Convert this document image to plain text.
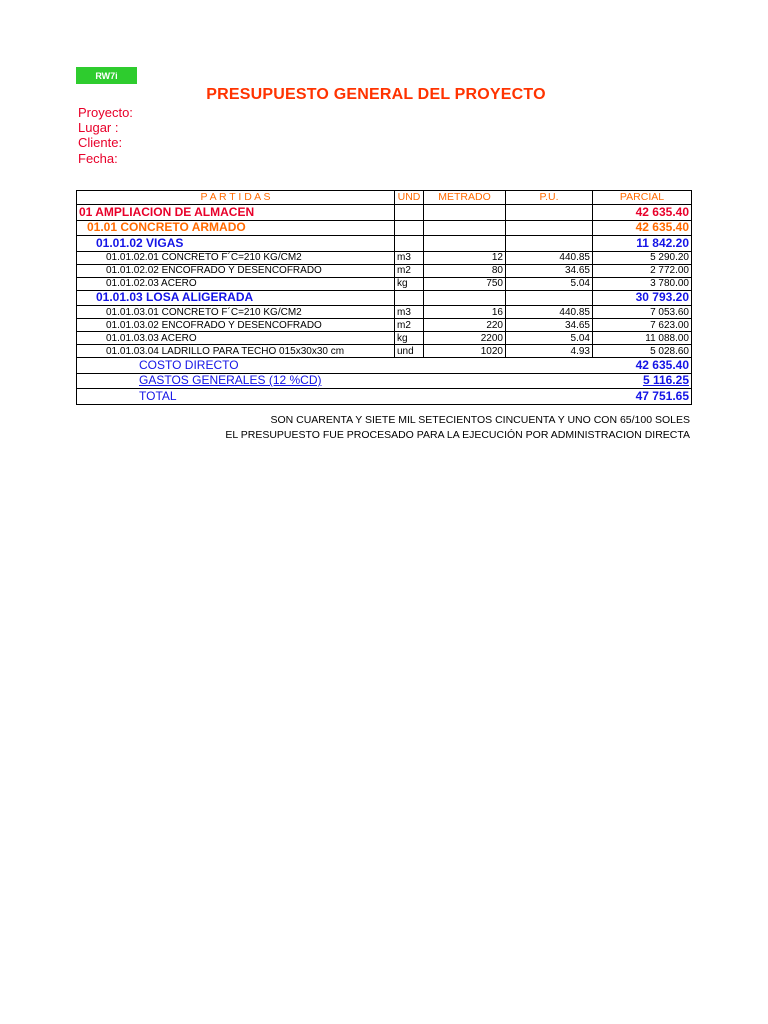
RW7i
PRESUPUESTO GENERAL DEL PROYECTO
Proyecto:
Lugar :
Cliente:
Fecha:
P A R T I D A S	UND	METRADO	P.U.	PARCIAL
01 AMPLIACION DE ALMACEN				42 635.40
01.01 CONCRETO ARMADO				42 635.40
01.01.02 VIGAS				11 842.20
01.01.02.01 CONCRETO F´C=210 KG/CM2	m3	12	440.85	5 290.20
01.01.02.02 ENCOFRADO Y DESENCOFRADO	m2	80	34.65	2 772.00
01.01.02.03 ACERO	kg	750	5.04	3 780.00
01.01.03 LOSA ALIGERADA				30 793.20
01.01.03.01 CONCRETO F´C=210 KG/CM2	m3	16	440.85	7 053.60
01.01.03.02 ENCOFRADO Y DESENCOFRADO	m2	220	34.65	7 623.00
01.01.03.03 ACERO	kg	2200	5.04	11 088.00
01.01.03.04 LADRILLO PARA TECHO 015x30x30 cm	und	1020	4.93	5 028.60
COSTO DIRECTO				42 635.40
GASTOS GENERALES (12 %CD)				5 116.25
TOTAL				47 751.65
SON CUARENTA Y SIETE MIL SETECIENTOS CINCUENTA Y UNO CON 65/100 SOLES
EL PRESUPUESTO FUE PROCESADO PARA LA EJECUCIÓN POR ADMINISTRACION DIRECTA
